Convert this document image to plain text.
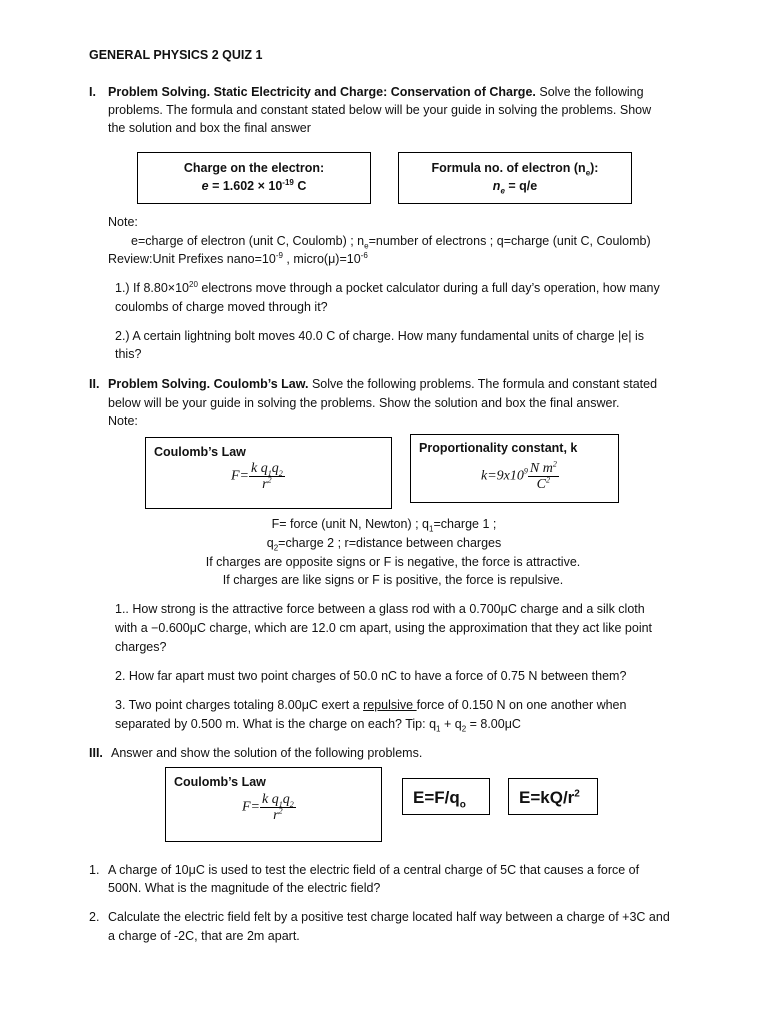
GENERAL PHYSICS 2 QUIZ 1
I. Problem Solving. Static Electricity and Charge: Conservation of Charge. Solve the following
problems. The formula and constant stated below will be your guide in solving the problems. Show
the solution and box the final answer
Charge on the electron:
$e = 1.602 \times 10^{-19}$ C
Formula no. of electron $(n_e)$:
$n_e = q/e$
Note:
e=charge of electron (unit C, Coulomb) ; $n_e=number$ of electrons ; q=charge (unit C, Coulomb)
Review:Unit Prefixes $nano=10^{-9}$ , $micro(\mu)=10^{-6}$
1.) If $8.80\times 10^{20}$ electrons move through a pocket calculator during a full day’s operation, how many
coulombs of charge moved through it?
2.) A certain lightning bolt moves 40.0 C of charge. How many fundamental units of charge |e| is
this?
II. Problem Solving. Coulomb’s Law. Solve the following problems. The formula and constant stated
below will be your guide in solving the problems. Show the solution and box the final answer.
Note:
Coulomb’s Law
$F= \frac{k q_1q_2}{r^2}$
Proportionality constant, k
$k=9x10^9 \frac{N m^2}{C^2}$
F= force (unit N, Newton) ; $q_1=charge$ 1 ;
$q_2=charge$ 2 ; r=distance between charges
If charges are opposite signs or F is negative, the force is attractive.
If charges are like signs or F is positive, the force is repulsive.
1.. How strong is the attractive force between a glass rod with a 0.700μC charge and a silk cloth
with a −0.600μC charge, which are 12.0 cm apart, using the approximation that they act like point
charges?
2. How far apart must two point charges of 50.0 nC to have a force of 0.75 N between them?
3. Two point charges totaling 8.00μC exert a repulsive force of 0.150 N on one another when
separated by 0.500 m. What is the charge on each? Tip: $q_1 + q_2 = 8.00\mu C$
III. Answer and show the solution of the following problems.
Coulomb’s Law
$F= \frac{k q_1q_2}{r^2}$	$E=F/q_o$	$E=kQ/r^2$
1. A charge of 10μC is used to test the electric field of a central charge of 5C that causes a force of
500N. What is the magnitude of the electric field?
2. Calculate the electric field felt by a positive test charge located half way between a charge of +3C and
a charge of -2C, that are 2m apart.
